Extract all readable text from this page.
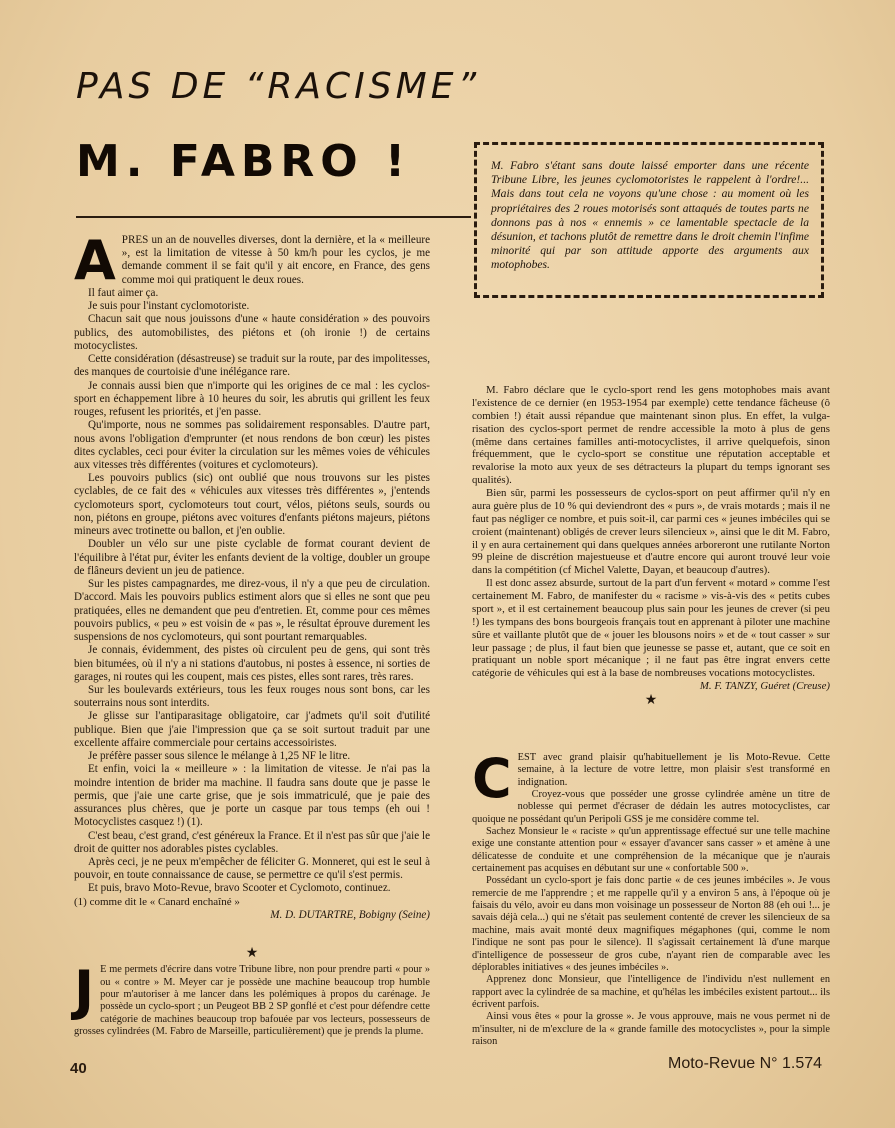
PAS DE “RACISME”
M. FABRO !	M. Fabro s'étant sans doute laissé emporter dans une récente Tribune Libre, les jeunes cyclomotoristes le rappelent à l'ordre!... Mais dans tout cela ne voyons qu'une chose : au moment où les propriétaires des 2 roues motorisés sont attaqués de toutes parts ne donnons pas à nos « ennemis » ce lamentable spectacle de la désunion, et tachons plutôt de remettre dans le droit chemin l'infime minorité qui par son attitude apporte des arguments aux motophobes.
A PRES un an de nouvelles diverses, dont la dernière, et la « meilleure », est la limitation de vitesse à 50 km/h pour les cyclos, je me demande comment il se fait qu'il y ait encore, en France, des gens comme moi qui pratiquent le deux roues.

Il faut aimer ça.

Je suis pour l'instant cyclomotoriste.

Chacun sait que nous jouissons d'une « haute considération » des pouvoirs publics, des automobilistes, des piétons et (oh ironie !) de certains motocyclistes.

Cette considération (désastreuse) se traduit sur la route, par des impolitesses, des manques de courtoisie d'une inélégance rare.

Je connais aussi bien que n'importe qui les origines de ce mal : les cyclos-sport en échappement libre à 10 heures du soir, les abrutis qui grillent les feux rouges, refusent les priorités, et j'en passe.

Qu'importe, nous ne sommes pas solidairement responsables. D'autre part, nous avons l'obligation d'emprunter (et nous rendons de bon cœur) les pistes dites cyclables, ceci pour éviter la circulation sur les mêmes voies de véhicules aux vitesses très différentes (voitures et cyclomoteurs).

Les pouvoirs publics (sic) ont oublié que nous trouvons sur les pistes cyclables, de ce fait des « véhicules aux vitesses très différentes », j'entends cyclomoteurs sport, cyclomoteurs tout court, vélos, piétons seuls, sourds ou non, piétons en groupe, piétons avec voitures d'enfants piétons majeurs, piétons mineurs avec trotinette ou ballon, et j'en oublie.

Doubler un vélo sur une piste cyclable de format courant devient de l'équilibre à l'état pur, éviter les enfants devient de la voltige, doubler un groupe de flâneurs devient un jeu de patience.

Sur les pistes campagnardes, me direz-vous, il n'y a que peu de circulation. D'accord. Mais les pouvoirs publics estiment alors que si elles ne sont que peu pratiquées, elles ne demandent que peu d'entretien. Et, comme pour ces mêmes pouvoirs publics, « peu » est voisin de « pas », le résultat éprouve durement les suspensions de nos cyclomoteurs, qui sont pourtant remarquables.

Je connais, évidemment, des pistes où circulent peu de gens, qui sont très bien bitumées, où il n'y a ni stations d'autobus, ni postes à essence, ni sorties de garages, ni routes qui les coupent, mais ces pistes, elles sont rares, très rares.

Sur les boulevards extérieurs, tous les feux rouges nous sont bons, car les souterrains nous sont interdits.

Je glisse sur l'antiparasitage obligatoire, car j'admets qu'il soit d'utilité publique. Bien que j'aie l'impression que ça se soit surtout traduit par une excellente affaire commerciale pour certains accessoiristes.

Je préfère passer sous silence le mélange à 1,25 NF le litre.

Et enfin, voici la « meilleure » : la limitation de vitesse. Je n'ai pas la moindre intention de brider ma machine. Il faudra sans doute que je passe le permis, que j'aie une carte grise, que je sois immatriculé, que je paie des assurances plus chères, que je porte un casque par tous temps (eh oui ! Motocyclistes casquez !) (1).

C'est beau, c'est grand, c'est généreux la France. Et il n'est pas sûr que j'aie le droit de quitter nos adorables pistes cyclables.

Après ceci, je ne peux m'empêcher de féliciter G. Monneret, qui est le seul à pouvoir, en toute connaissance de cause, se permettre ce qu'il s'est permis.

Et puis, bravo Moto-Revue, bravo Scooter et Cyclomoto, continuez.

(1) comme dit le « Canard enchaîné »

M. D. DUTARTRE, Bobigny (Seine)

★
J E me permets d'écrire dans votre Tribune libre, non pour prendre parti « pour » ou « contre » M. Meyer car je possède une machine beaucoup trop humble pour m'autoriser à me lancer dans les polémiques à propos du carénage. Je possède un cyclo-sport ; un Peugeot BB 2 SP gonflé et c'est pour défendre cette catégorie de machines beaucoup trop bafouée par vos lecteurs, possesseurs de grosses cylindrées (M. Fabro de Marseille, particulièrement) que je prends la plume.

M. Fabro déclare que le cyclo-sport rend les gens motophobes mais avant l'existence de ce dernier (en 1953-1954 par exemple) cette tendance fâcheuse (ô combien !) était aussi répandue que maintenant sinon plus. En effet, la vulgarisation des cyclos-sport permet de rendre accessible la moto à plus de gens (même dans certaines familles anti-motocyclistes, il arrive quelquefois, sinon fréquemment, que le cyclo-sport se constitue une réputation acceptable et revalorise la moto aux yeux de ses détracteurs la plupart du temps ignorant ses qualités).

Bien sûr, parmi les possesseurs de cyclos-sport on peut affirmer qu'il n'y en aura guère plus de 10 % qui deviendront des « purs », de vrais motards ; mais il ne faut pas négliger ce nombre, et puis soit-il, car parmi ces « jeunes imbéciles qui se croient (maintenant) obligés de crever leurs silencieux », ainsi que le dit M. Fabro, il y en aura certainement qui dans quelques années arboreront une rutilante Norton 99 pleine de discrétion majestueuse et d'autre encore qui auront trouvé leur voie dans la compétition (cf Michel Valette, Dayan, et beaucoup d'autres).

Il est donc assez absurde, surtout de la part d'un fervent « motard » comme l'est certainement M. Fabro, de manifester du « racisme » vis-à-vis des « petits cubes sport », et il est certainement beaucoup plus sain pour les jeunes de crever (si peu !) les tympans des bons bourgeois français tout en apprenant à piloter une machine sûre et vaillante plutôt que de « jouer les blousons noirs » et de « tout casser » sur leur passage ; de plus, il faut bien que jeunesse se passe et, autant, que ce soit en pratiquant un noble sport mécanique ; il ne faut pas être ingrat envers cette catégorie de véhicules qui est à la base de nombreuses vocations motocyclistes.

M. F. TANZY, Guéret (Creuse)

★
C EST avec grand plaisir qu'habituellement je lis Moto-Revue. Cette semaine, à la lecture de votre lettre, mon plaisir s'est transformé en indignation.

Croyez-vous que posséder une grosse cylindrée amène un titre de noblesse qui permet d'écraser de dédain les autres motocyclistes, car quoique ne possédant qu'un Peripoli GSS je me considère comme tel.

Sachez Monsieur le « raciste » qu'un apprentissage effectué sur une telle machine exige une constante attention pour « essayer d'avancer sans casser » et amène à une délicatesse de conduite et une compréhension de la mécanique que je n'aurais certainement pas acquises en débutant sur une « confortable 500 ».

Possédant un cyclo-sport je fais donc partie « de ces jeunes imbéciles ». Je vous remercie de me l'apprendre ; et me rappelle qu'il y a environ 5 ans, à l'époque où je faisais du vélo, avoir eu dans mon voisinage un possesseur de Norton 88 (eh oui !... je savais déjà cela...) qui ne s'était pas seulement contenté de crever les silencieux de sa machine, mais avait monté deux magnifiques mégaphones (qui, comme le nom l'indique ne sont pas pour le silence). Il s'agissait certainement là d'une marque d'intelligence de possesseur de gros cube, n'ayant rien de comparable avec les déplorables initiatives « des jeunes imbéciles ».

Apprenez donc Monsieur, que l'intelligence de l'individu n'est nullement en rapport avec la cylindrée de sa machine, et qu'hélas les imbéciles existent partout... ils écrivent parfois.

Ainsi vous êtes « pour la grosse ». Je vous approuve, mais ne vous permet ni de m'insulter, ni de m'exclure de la « grande famille des motocyclistes », pour la simple raison

40	Moto-Revue N° 1.574
